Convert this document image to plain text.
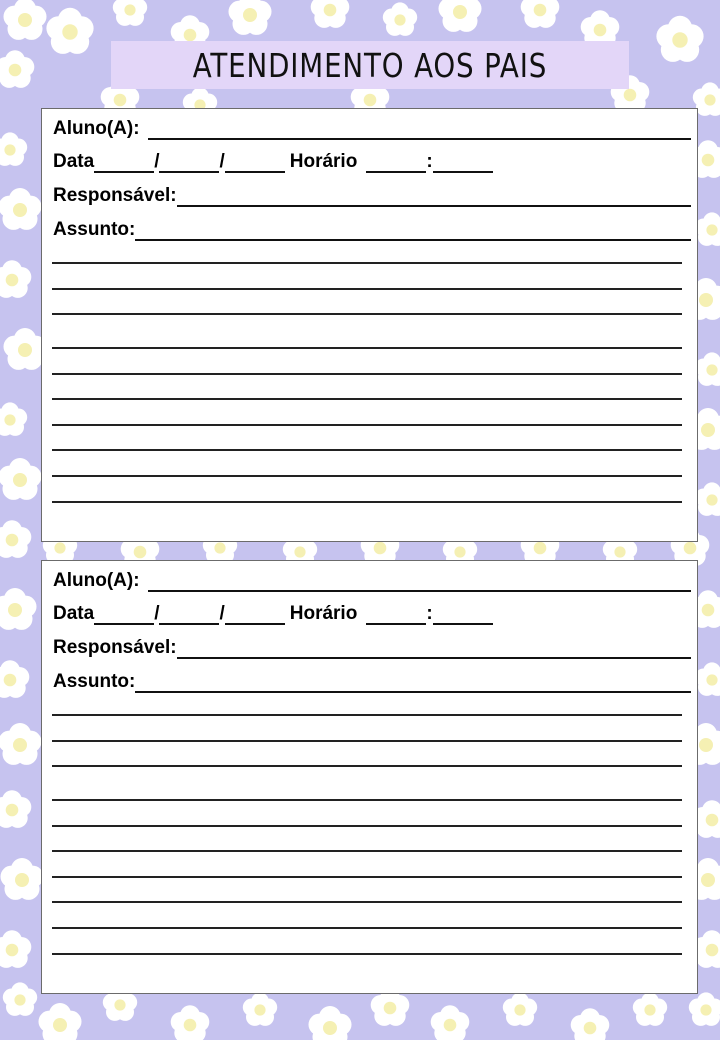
ATENDIMENTO AOS PAIS
Aluno(A):
Data	/	/	Horário	:
Responsável:
Assunto:
Aluno(A):
Data	/	/	Horário	:
Responsável:
Assunto:
